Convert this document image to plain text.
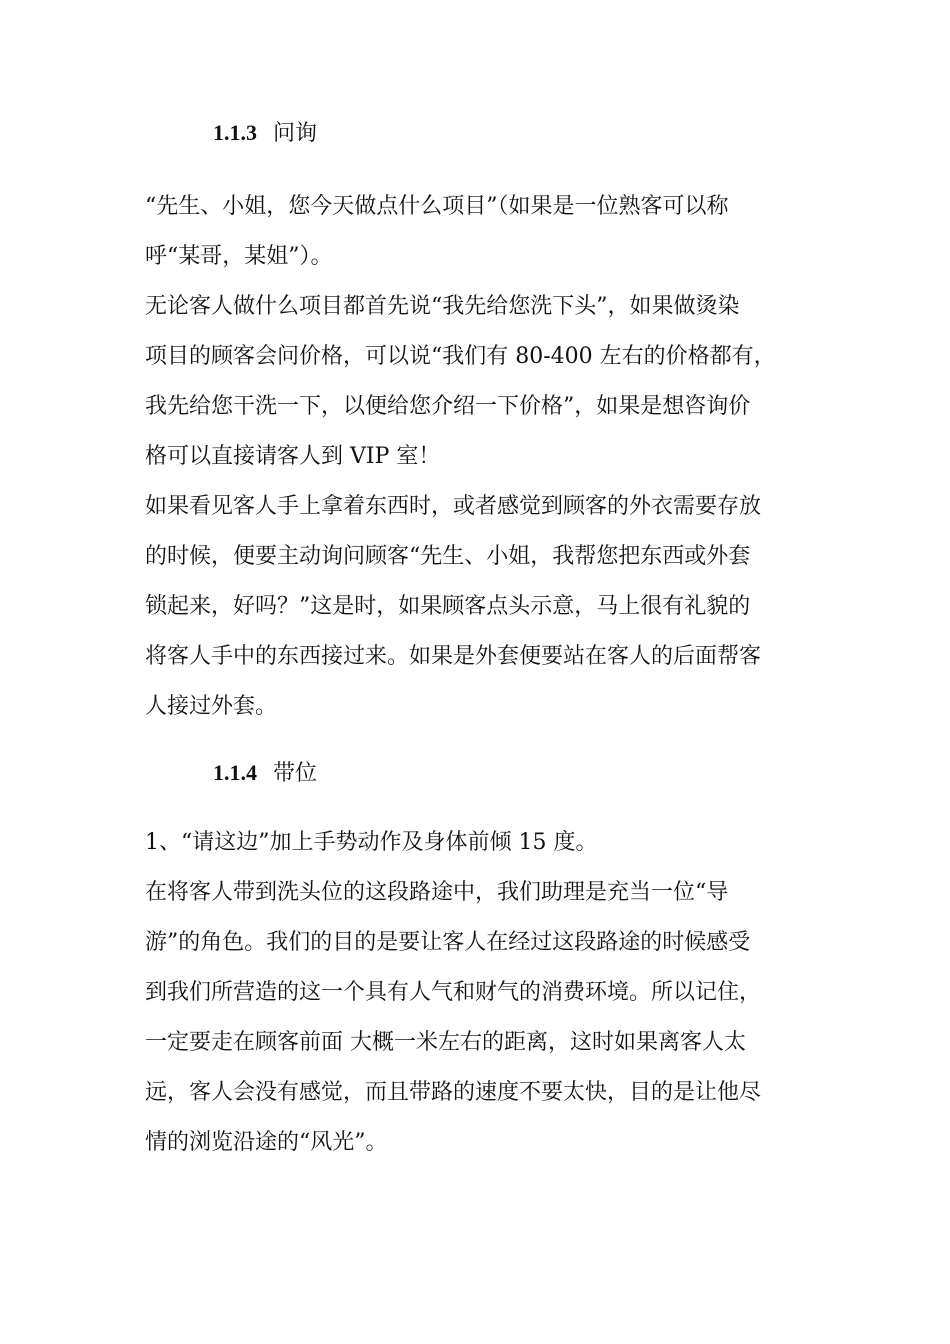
1.1.3 问询
“先生、小姐，您今天做点什么项目”（如果是一位熟客可以称
呼“某哥，某姐”）。
无论客人做什么项目都首先说“我先给您洗下头”，如果做烫染
项目的顾客会问价格，可以说“我们有 80-400 左右的价格都有，
我先给您干洗一下，以便给您介绍一下价格”，如果是想咨询价
格可以直接请客人到 VIP 室！
如果看见客人手上拿着东西时，或者感觉到顾客的外衣需要存放
的时候，便要主动询问顾客“先生、小姐，我帮您把东西或外套
锁起来，好吗？”这是时，如果顾客点头示意，马上很有礼貌的
将客人手中的东西接过来。如果是外套便要站在客人的后面帮客
人接过外套。
1.1.4 带位
1、“请这边”加上手势动作及身体前倾 15 度。
在将客人带到洗头位的这段路途中，我们助理是充当一位“导
游”的角色。我们的目的是要让客人在经过这段路途的时候感受
到我们所营造的这一个具有人气和财气的消费环境。所以记住，
一定要走在顾客前面 大概一米左右的距离，这时如果离客人太
远，客人会没有感觉，而且带路的速度不要太快，目的是让他尽
情的浏览沿途的“风光”。
